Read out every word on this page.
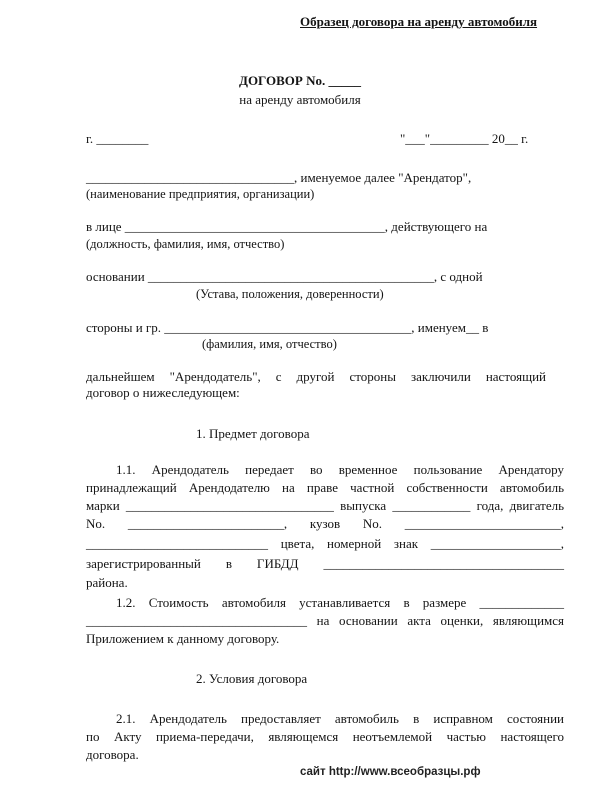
Образец договора на аренду автомобиля
ДОГОВОР No. _____
на аренду автомобиля
г. ________	"___"_________ 20__ г.
________________________________, именуемое далее "Арендатор",
(наименование предприятия, организации)
в лице ________________________________________, действующего на
(должность, фамилия, имя, отчество)
основании ____________________________________________, с одной
(Устава, положения, доверенности)
стороны и гр. ______________________________________, именуем__ в
(фамилия, имя, отчество)
дальнейшем "Арендодатель", с другой стороны заключили настоящий
договор о нижеследующем:
1. Предмет договора
1.1. Арендодатель передает во временное пользование Арендатору
принадлежащий Арендодателю на праве частной собственности автомобиль
марки ________________________________ выпуска ____________ года, двигатель
No. ________________________, кузов No. ________________________,
____________________________ цвета, номерной знак ____________________,
зарегистрированный в ГИБДД _____________________________________
района.
1.2. Стоимость автомобиля устанавливается в размере _____________
__________________________________ на основании акта оценки, являющимся
Приложением к данному договору.
2. Условия договора
2.1. Арендодатель предоставляет автомобиль в исправном состоянии
по Акту приема-передачи, являющемся неотъемлемой частью настоящего
договора.
сайт http://www.всеобразцы.рф
